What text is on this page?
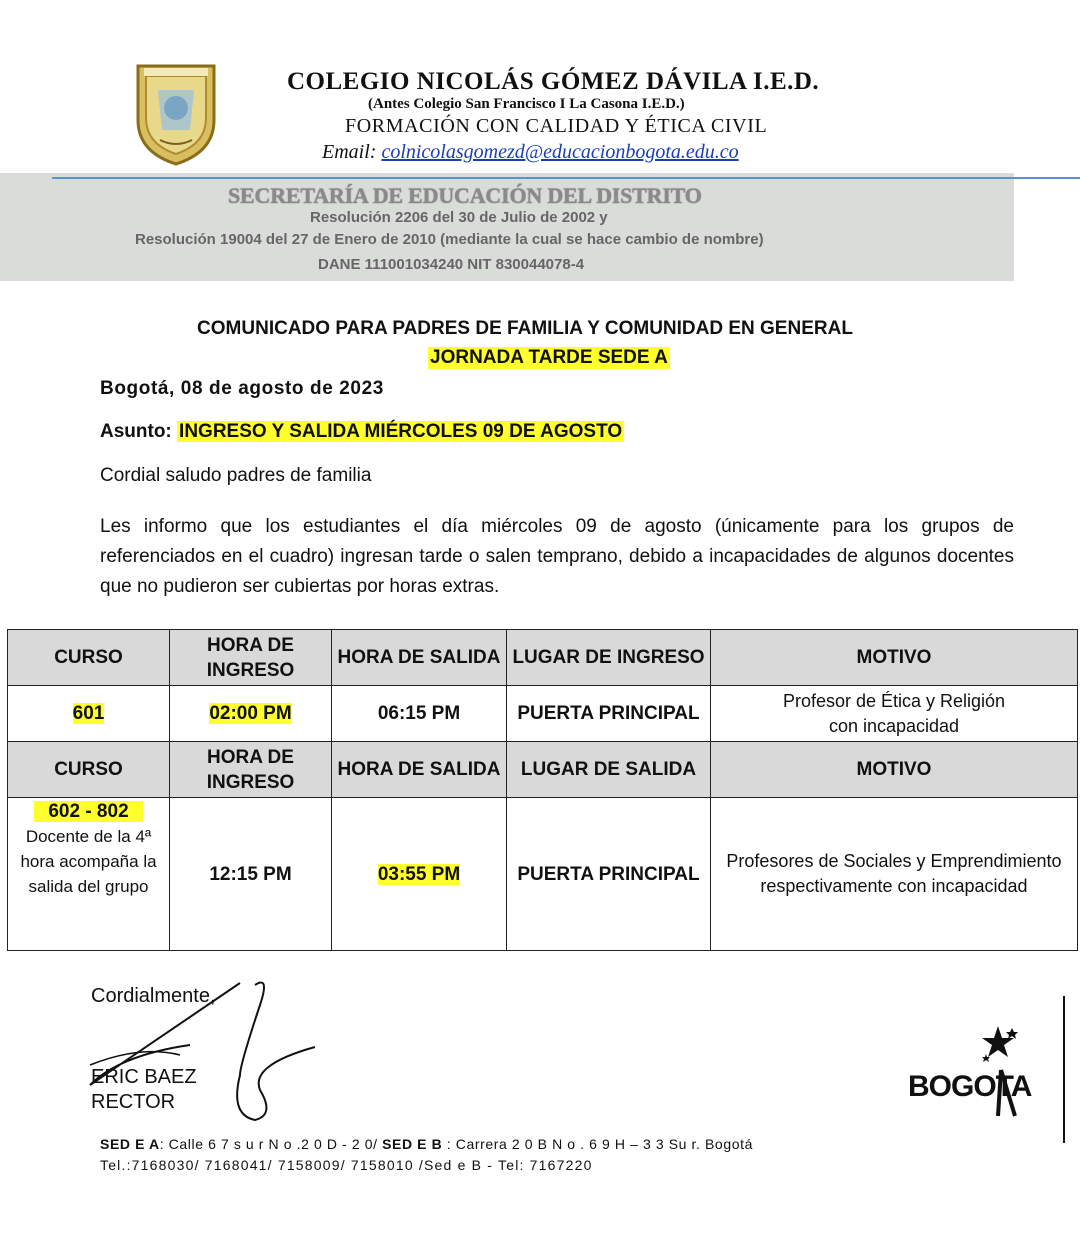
COLEGIO NICOLÁS GÓMEZ DÁVILA I.E.D.
(Antes Colegio San Francisco I La Casona I.E.D.)
FORMACIÓN CON CALIDAD Y ÉTICA CIVIL
Email: colnicolasgomezd@educacionbogota.edu.co
SECRETARÍA DE EDUCACIÓN DEL DISTRITO
Resolución 2206 del 30 de Julio de 2002 y
Resolución 19004 del 27 de Enero de 2010 (mediante la cual se hace cambio de nombre)
DANE 111001034240 NIT 830044078-4
COMUNICADO PARA PADRES DE FAMILIA Y COMUNIDAD EN GENERAL
JORNADA TARDE SEDE A
Bogotá, 08 de agosto de 2023
Asunto: INGRESO Y SALIDA MIÉRCOLES 09 DE AGOSTO
Cordial saludo padres de familia
Les informo que los estudiantes el día miércoles 09 de agosto (únicamente para los grupos de referenciados en el cuadro) ingresan tarde o salen temprano, debido a incapacidades de algunos docentes que no pudieron ser cubiertas por horas extras.
CURSO	HORA DE INGRESO	HORA DE SALIDA	LUGAR DE INGRESO	MOTIVO
601	02:00 PM	06:15 PM	PUERTA PRINCIPAL	Profesor de Ética y Religión con incapacidad
CURSO	HORA DE INGRESO	HORA DE SALIDA	LUGAR DE SALIDA	MOTIVO

602 - 802
Docente de la 4ª hora acompaña la salida del grupo	12:15 PM	03:55 PM	PUERTA PRINCIPAL	Profesores de Sociales y Emprendimiento respectivamente con incapacidad
Cordialmente,
ERIC BAEZ
RECTOR	BOGOTA
SED E A: Calle 6 7 s u r N o .2 0 D - 2 0/ SED E B : Carrera 2 0 B N o . 6 9 H – 3 3 Su r. Bogotá
Tel.:7168030/ 7168041/ 7158009/ 7158010 /Sed e B - Tel: 7167220
